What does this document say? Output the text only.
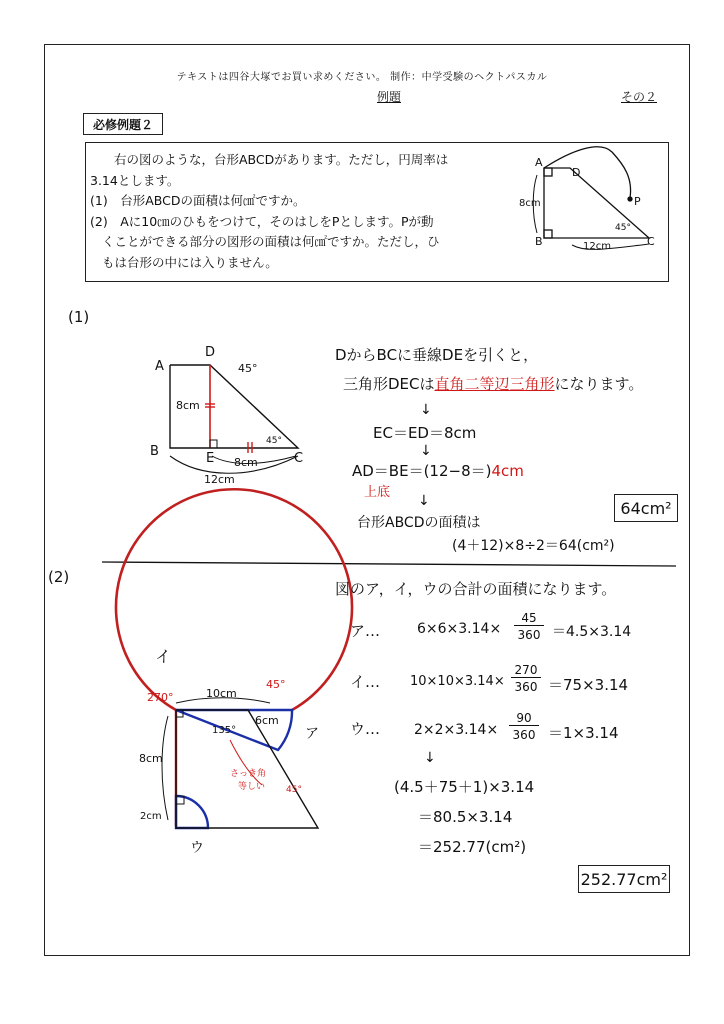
テキストは四谷大塚でお買い求めください。 制作：中学受験のヘクトパスカル
例題	その２
必修例題２
右の図のような，台形ABCDがあります。ただし，円周率は
3.14とします。
(1)　台形ABCDの面積は何㎠ですか。
(2)　Aに10㎝のひもをつけて，そのはしをPとします。Pが動
くことができる部分の図形の面積は何㎠ですか。ただし，ひ
もは台形の中には入りません。
A
D
B	C
P
8cm
12cm
45°
A
D
B	C
E
8cm
8cm
12cm
45°
45°
イ
ア
ウ
270°	10cm
45°
6cm
135°
8cm
2cm
45°
さっき角
等しい
(1)
(2)
DからBCに垂線DEを引くと，
三角形DECは直角二等辺三角形になります。
↓
EC＝ED＝8cm
↓
AD＝BE＝(12−8＝)4cm
上底
↓
台形ABCDの面積は
(4＋12)×8÷2＝64(cm²)
64cm²
図のア，イ，ウの合計の面積になります。
ア…	6×6×3.14×
45
360 ＝4.5×3.14
イ… 10×10×3.14×
270
360 ＝75×3.14
ウ… 2×2×3.14×
90
360 ＝1×3.14
↓
(4.5＋75＋1)×3.14
＝80.5×3.14
＝252.77(cm²)
252.77cm²
